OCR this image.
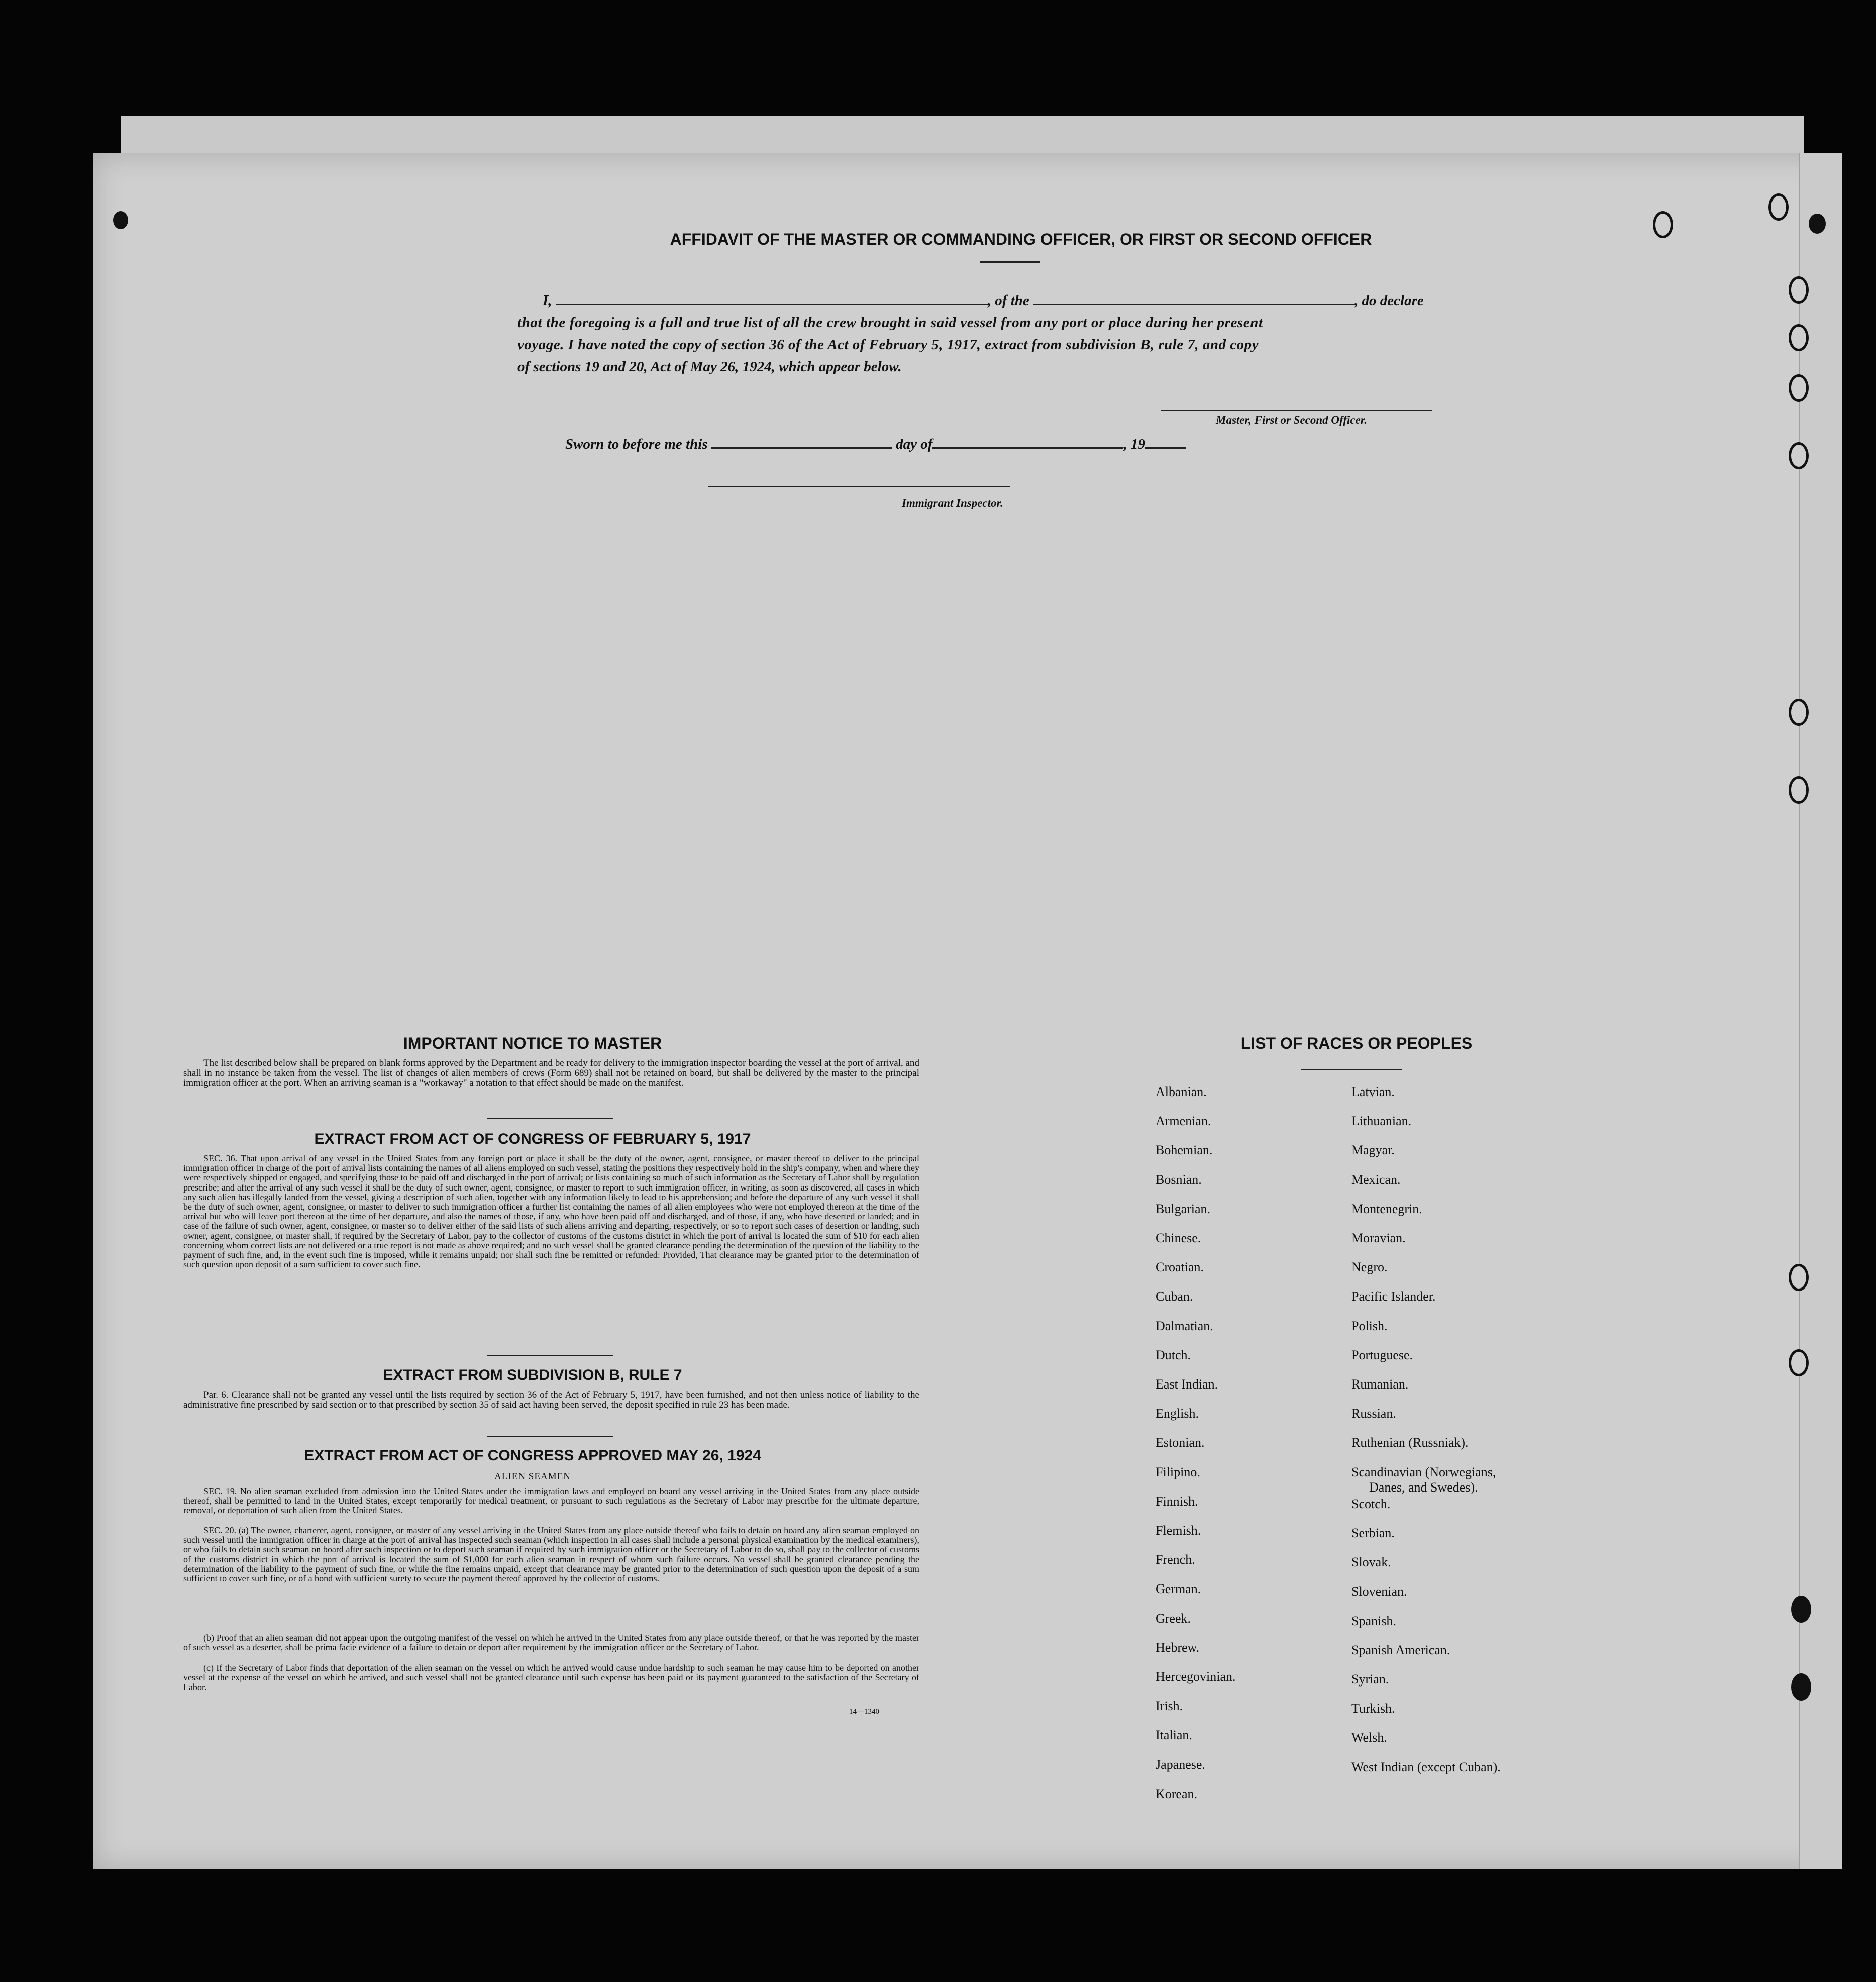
AFFIDAVIT OF THE MASTER OR COMMANDING OFFICER, OR FIRST OR SECOND OFFICER
I,	, of the	, do declare
that the foregoing is a full and true list of all the crew brought in said vessel from any port or place during her present
voyage. I have noted the copy of section 36 of the Act of February 5, 1917, extract from subdivision B, rule 7, and copy
of sections 19 and 20, Act of May 26, 1924, which appear below.
Master, First or Second Officer.
Sworn to before me this	day of	, 19
Immigrant Inspector.
IMPORTANT NOTICE TO MASTER
The list described below shall be prepared on blank forms approved by the Department and be ready for delivery to the immigration inspector boarding the vessel at the port of arrival, and shall in no instance be taken from the vessel. The list of changes of alien members of crews (Form 689) shall not be retained on board, but shall be delivered by the master to the principal immigration officer at the port. When an arriving seaman is a "workaway" a notation to that effect should be made on the manifest.
EXTRACT FROM ACT OF CONGRESS OF FEBRUARY 5, 1917
SEC. 36. That upon arrival of any vessel in the United States from any foreign port or place it shall be the duty of the owner, agent, consignee, or master thereof to deliver to the principal immigration officer in charge of the port of arrival lists containing the names of all aliens employed on such vessel, stating the positions they respectively hold in the ship's company, when and where they were respectively shipped or engaged, and specifying those to be paid off and discharged in the port of arrival; or lists containing so much of such information as the Secretary of Labor shall by regulation prescribe; and after the arrival of any such vessel it shall be the duty of such owner, agent, consignee, or master to report to such immigration officer, in writing, as soon as discovered, all cases in which any such alien has illegally landed from the vessel, giving a description of such alien, together with any information likely to lead to his apprehension; and before the departure of any such vessel it shall be the duty of such owner, agent, consignee, or master to deliver to such immigration officer a further list containing the names of all alien employees who were not employed thereon at the time of the arrival but who will leave port thereon at the time of her departure, and also the names of those, if any, who have been paid off and discharged, and of those, if any, who have deserted or landed; and in case of the failure of such owner, agent, consignee, or master so to deliver either of the said lists of such aliens arriving and departing, respectively, or so to report such cases of desertion or landing, such owner, agent, consignee, or master shall, if required by the Secretary of Labor, pay to the collector of customs of the customs district in which the port of arrival is located the sum of $10 for each alien concerning whom correct lists are not delivered or a true report is not made as above required; and no such vessel shall be granted clearance pending the determination of the question of the liability to the payment of such fine, and, in the event such fine is imposed, while it remains unpaid; nor shall such fine be remitted or refunded: Provided, That clearance may be granted prior to the determination of such question upon deposit of a sum sufficient to cover such fine.
EXTRACT FROM SUBDIVISION B, RULE 7
Par. 6. Clearance shall not be granted any vessel until the lists required by section 36 of the Act of February 5, 1917, have been furnished, and not then unless notice of liability to the administrative fine prescribed by said section or to that prescribed by section 35 of said act having been served, the deposit specified in rule 23 has been made.
EXTRACT FROM ACT OF CONGRESS APPROVED MAY 26, 1924
ALIEN SEAMEN
SEC. 19. No alien seaman excluded from admission into the United States under the immigration laws and employed on board any vessel arriving in the United States from any place outside thereof, shall be permitted to land in the United States, except temporarily for medical treatment, or pursuant to such regulations as the Secretary of Labor may prescribe for the ultimate departure, removal, or deportation of such alien from the United States.
SEC. 20. (a) The owner, charterer, agent, consignee, or master of any vessel arriving in the United States from any place outside thereof who fails to detain on board any alien seaman employed on such vessel until the immigration officer in charge at the port of arrival has inspected such seaman (which inspection in all cases shall include a personal physical examination by the medical examiners), or who fails to detain such seaman on board after such inspection or to deport such seaman if required by such immigration officer or the Secretary of Labor to do so, shall pay to the collector of customs of the customs district in which the port of arrival is located the sum of $1,000 for each alien seaman in respect of whom such failure occurs. No vessel shall be granted clearance pending the determination of the liability to the payment of such fine, or while the fine remains unpaid, except that clearance may be granted prior to the determination of such question upon the deposit of a sum sufficient to cover such fine, or of a bond with sufficient surety to secure the payment thereof approved by the collector of customs.
(b) Proof that an alien seaman did not appear upon the outgoing manifest of the vessel on which he arrived in the United States from any place outside thereof, or that he was reported by the master of such vessel as a deserter, shall be prima facie evidence of a failure to detain or deport after requirement by the immigration officer or the Secretary of Labor.
(c) If the Secretary of Labor finds that deportation of the alien seaman on the vessel on which he arrived would cause undue hardship to such seaman he may cause him to be deported on another vessel at the expense of the vessel on which he arrived, and such vessel shall not be granted clearance until such expense has been paid or its payment guaranteed to the satisfaction of the Secretary of Labor.
14—1340
LIST OF RACES OR PEOPLES
Albanian.
Armenian.
Bohemian.
Bosnian.
Bulgarian.
Chinese.
Croatian.
Cuban.
Dalmatian.
Dutch.
East Indian.
English.
Estonian.
Filipino.
Finnish.
Flemish.
French.
German.
Greek.
Hebrew.
Hercegovinian.
Irish.
Italian.
Japanese.
Korean.
Latvian.
Lithuanian.
Magyar.
Mexican.
Montenegrin.
Moravian.
Negro.
Pacific Islander.
Polish.
Portuguese.
Rumanian.
Russian.
Ruthenian (Russniak).
Scandinavian (Norwegians,
Danes, and Swedes).
Scotch.
Serbian.
Slovak.
Slovenian.
Spanish.
Spanish American.
Syrian.
Turkish.
Welsh.
West Indian (except Cuban).
